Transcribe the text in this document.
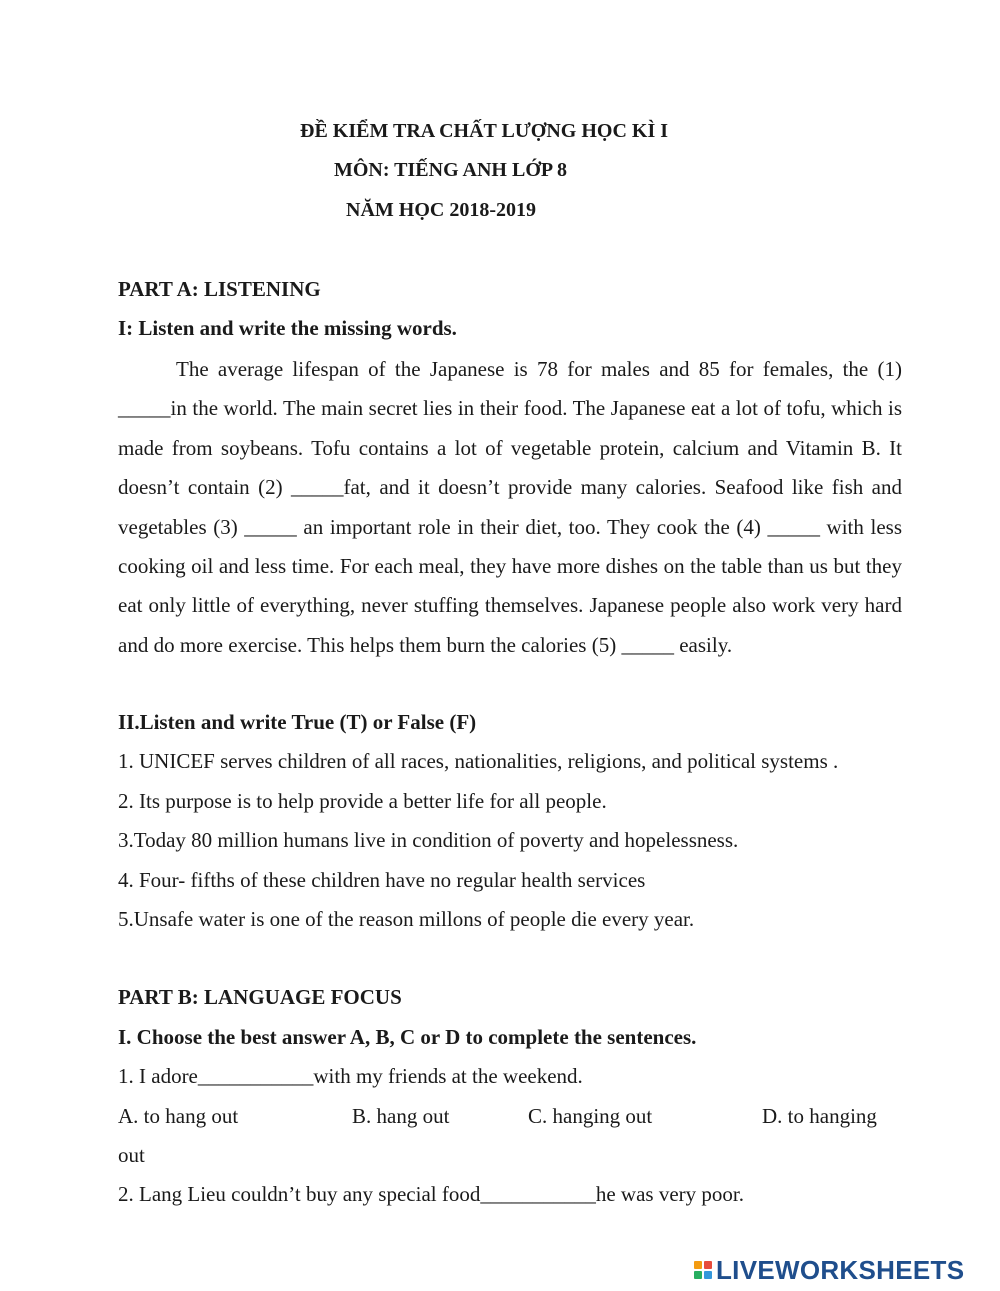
ĐỀ KIỂM TRA CHẤT LƯỢNG HỌC KÌ I
MÔN: TIẾNG ANH LỚP 8
NĂM HỌC 2018-2019
PART A: LISTENING
I: Listen and write the missing words.

The average lifespan of the Japanese is 78 for males and 85 for females, the (1) _____in the world. The main secret lies in their food. The Japanese eat a lot of tofu, which is made from soybeans. Tofu contains a lot of vegetable protein, calcium and Vitamin B. It doesn’t contain (2) _____fat, and it doesn’t provide many calories. Seafood like fish and vegetables (3) _____ an important role in their diet, too. They cook the (4) _____ with less cooking oil and less time. For each meal, they have more dishes on the table than us but they eat only little of everything, never stuffing themselves. Japanese people also work very hard and do more exercise. This helps them burn the calories (5) _____ easily.

II.Listen and write True (T) or False (F)
1. UNICEF serves children of all races, nationalities, religions, and political systems .
2. Its purpose is to help provide a better life for all people.
3.Today 80 million humans live in condition of poverty and hopelessness.
4. Four- fifths of these children have no regular health services
5.Unsafe water is one of the reason millons of people die every year.
PART B: LANGUAGE FOCUS
I. Choose the best answer A, B, C or D to complete the sentences.
1. I adore___________with my friends at the weekend.
A. to hang out	B. hang out	C. hanging out	D. to hanging
out
2. Lang Lieu couldn’t buy any special food___________he was very poor.
LIVEWORKSHEETS
